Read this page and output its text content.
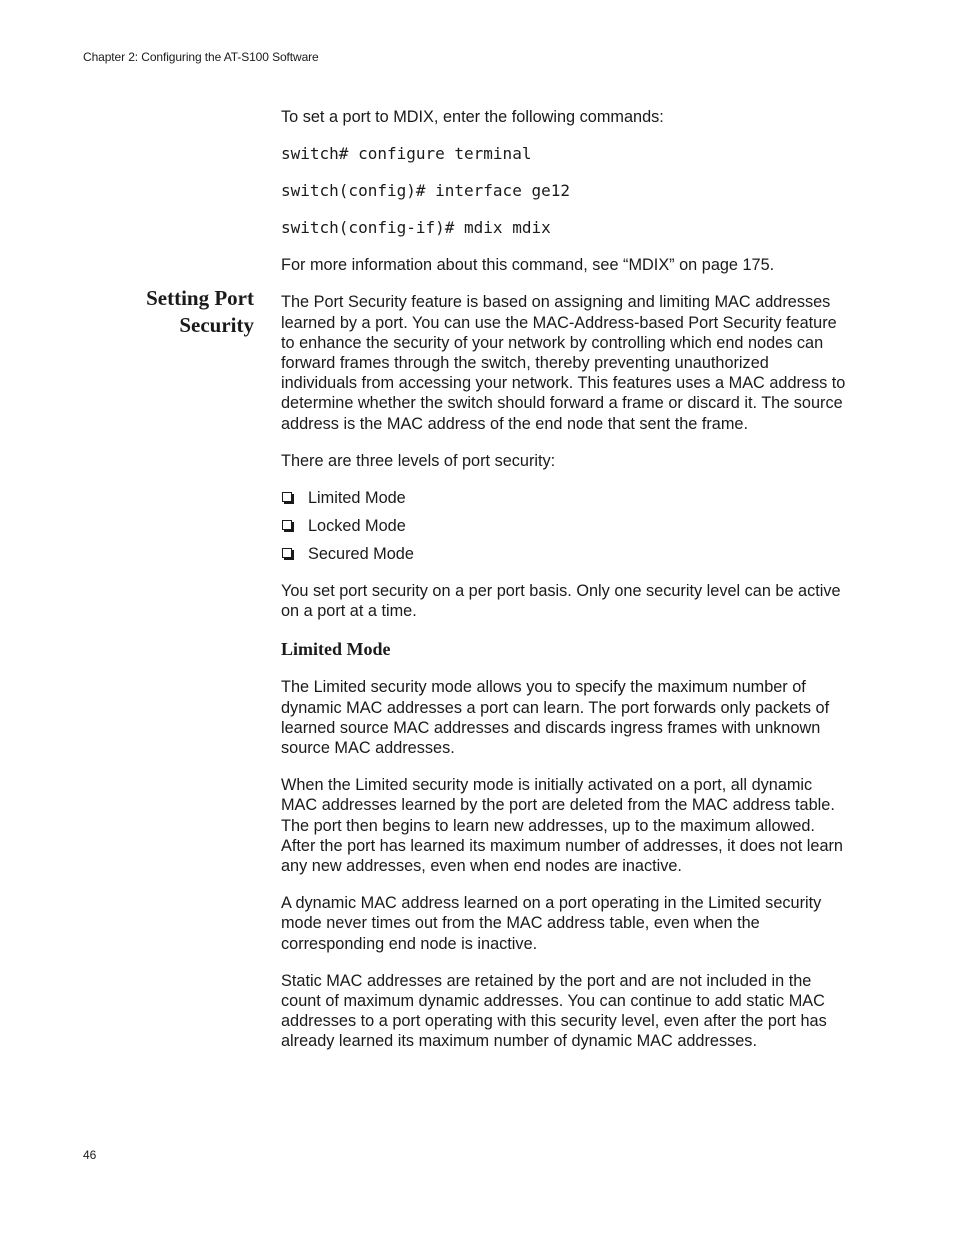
Chapter 2: Configuring the AT-S100 Software

To set a port to MDIX, enter the following commands:

switch# configure terminal
switch(config)# interface ge12
switch(config-if)# mdix mdix

For more information about this command, see “MDIX” on page 175.

Setting Port
Security

The Port Security feature is based on assigning and limiting MAC addresses learned by a port. You can use the MAC-Address-based Port Security feature to enhance the security of your network by controlling which end nodes can forward frames through the switch, thereby preventing unauthorized individuals from accessing your network. This features uses a MAC address to determine whether the switch should forward a frame or discard it. The source address is the MAC address of the end node that sent the frame.

There are three levels of port security:

Limited Mode
Locked Mode
Secured Mode

You set port security on a per port basis. Only one security level can be active on a port at a time.

Limited Mode

The Limited security mode allows you to specify the maximum number of dynamic MAC addresses a port can learn. The port forwards only packets of learned source MAC addresses and discards ingress frames with unknown source MAC addresses.

When the Limited security mode is initially activated on a port, all dynamic MAC addresses learned by the port are deleted from the MAC address table. The port then begins to learn new addresses, up to the maximum allowed. After the port has learned its maximum number of addresses, it does not learn any new addresses, even when end nodes are inactive.

A dynamic MAC address learned on a port operating in the Limited security mode never times out from the MAC address table, even when the corresponding end node is inactive.

Static MAC addresses are retained by the port and are not included in the count of maximum dynamic addresses. You can continue to add static MAC addresses to a port operating with this security level, even after the port has already learned its maximum number of dynamic MAC addresses.

46
